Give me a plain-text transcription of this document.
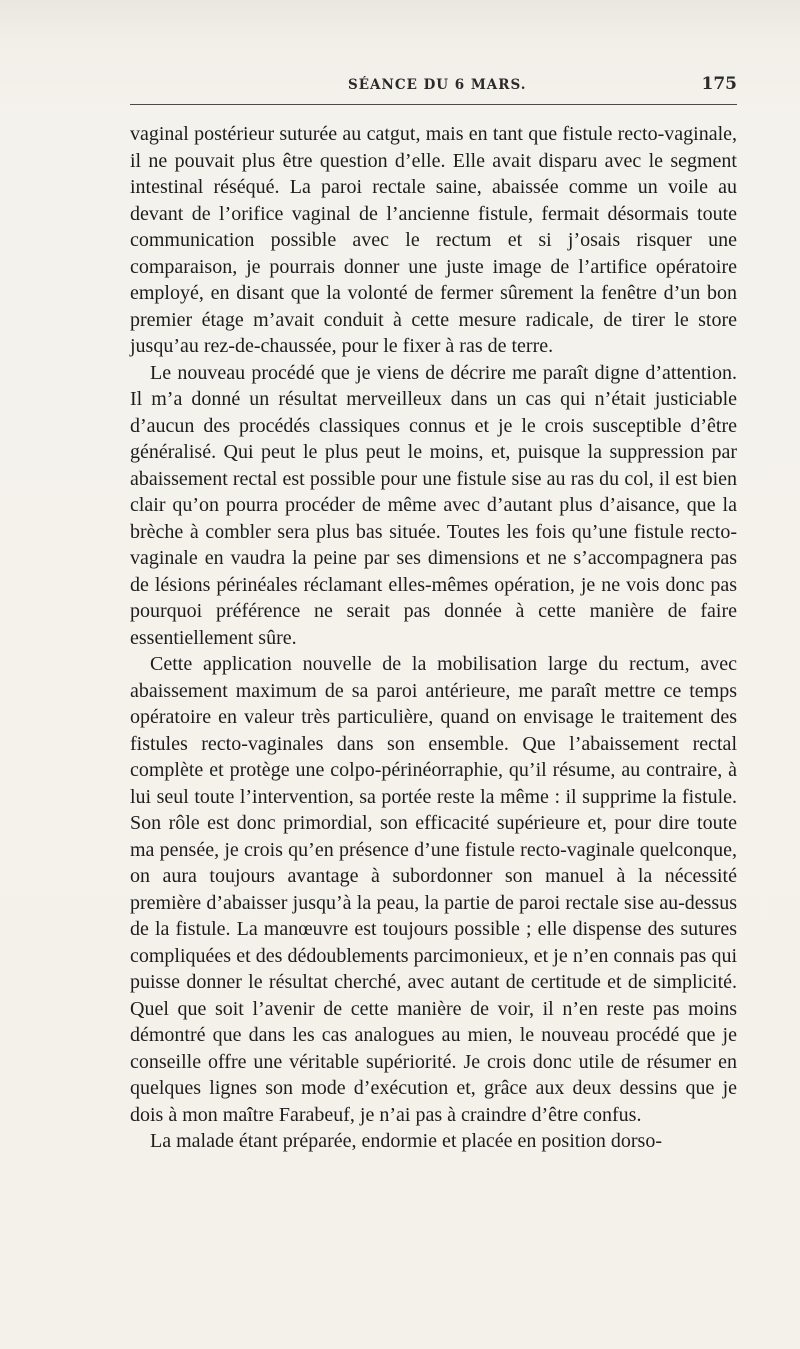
SÉANCE DU 6 MARS.	175

vaginal postérieur suturée au catgut, mais en tant que fistule recto-vaginale, il ne pouvait plus être question d’elle. Elle avait disparu avec le segment intestinal réséqué. La paroi rectale saine, abaissée comme un voile au devant de l’orifice vaginal de l’ancienne fistule, fermait désormais toute communication possible avec le rectum et si j’osais risquer une comparaison, je pourrais donner une juste image de l’artifice opératoire employé, en disant que la volonté de fermer sûrement la fenêtre d’un bon premier étage m’avait conduit à cette mesure radicale, de tirer le store jusqu’au rez-de-chaussée, pour le fixer à ras de terre.

Le nouveau procédé que je viens de décrire me paraît digne d’attention. Il m’a donné un résultat merveilleux dans un cas qui n’était justiciable d’aucun des procédés classiques connus et je le crois susceptible d’être généralisé. Qui peut le plus peut le moins, et, puisque la suppression par abaissement rectal est possible pour une fistule sise au ras du col, il est bien clair qu’on pourra procéder de même avec d’autant plus d’aisance, que la brèche à combler sera plus bas située. Toutes les fois qu’une fistule recto-vaginale en vaudra la peine par ses dimensions et ne s’accompagnera pas de lésions périnéales réclamant elles-mêmes opération, je ne vois donc pas pourquoi préférence ne serait pas donnée à cette manière de faire essentiellement sûre.

Cette application nouvelle de la mobilisation large du rectum, avec abaissement maximum de sa paroi antérieure, me paraît mettre ce temps opératoire en valeur très particulière, quand on envisage le traitement des fistules recto-vaginales dans son ensemble. Que l’abaissement rectal complète et protège une colpo-périnéorraphie, qu’il résume, au contraire, à lui seul toute l’intervention, sa portée reste la même : il supprime la fistule. Son rôle est donc primordial, son efficacité supérieure et, pour dire toute ma pensée, je crois qu’en présence d’une fistule recto-vaginale quelconque, on aura toujours avantage à subordonner son manuel à la nécessité première d’abaisser jusqu’à la peau, la partie de paroi rectale sise au-dessus de la fistule. La manœuvre est toujours possible ; elle dispense des sutures compliquées et des dédoublements parcimonieux, et je n’en connais pas qui puisse donner le résultat cherché, avec autant de certitude et de simplicité. Quel que soit l’avenir de cette manière de voir, il n’en reste pas moins démontré que dans les cas analogues au mien, le nouveau procédé que je conseille offre une véritable supériorité. Je crois donc utile de résumer en quelques lignes son mode d’exécution et, grâce aux deux dessins que je dois à mon maître Farabeuf, je n’ai pas à craindre d’être confus.

La malade étant préparée, endormie et placée en position dorso-
